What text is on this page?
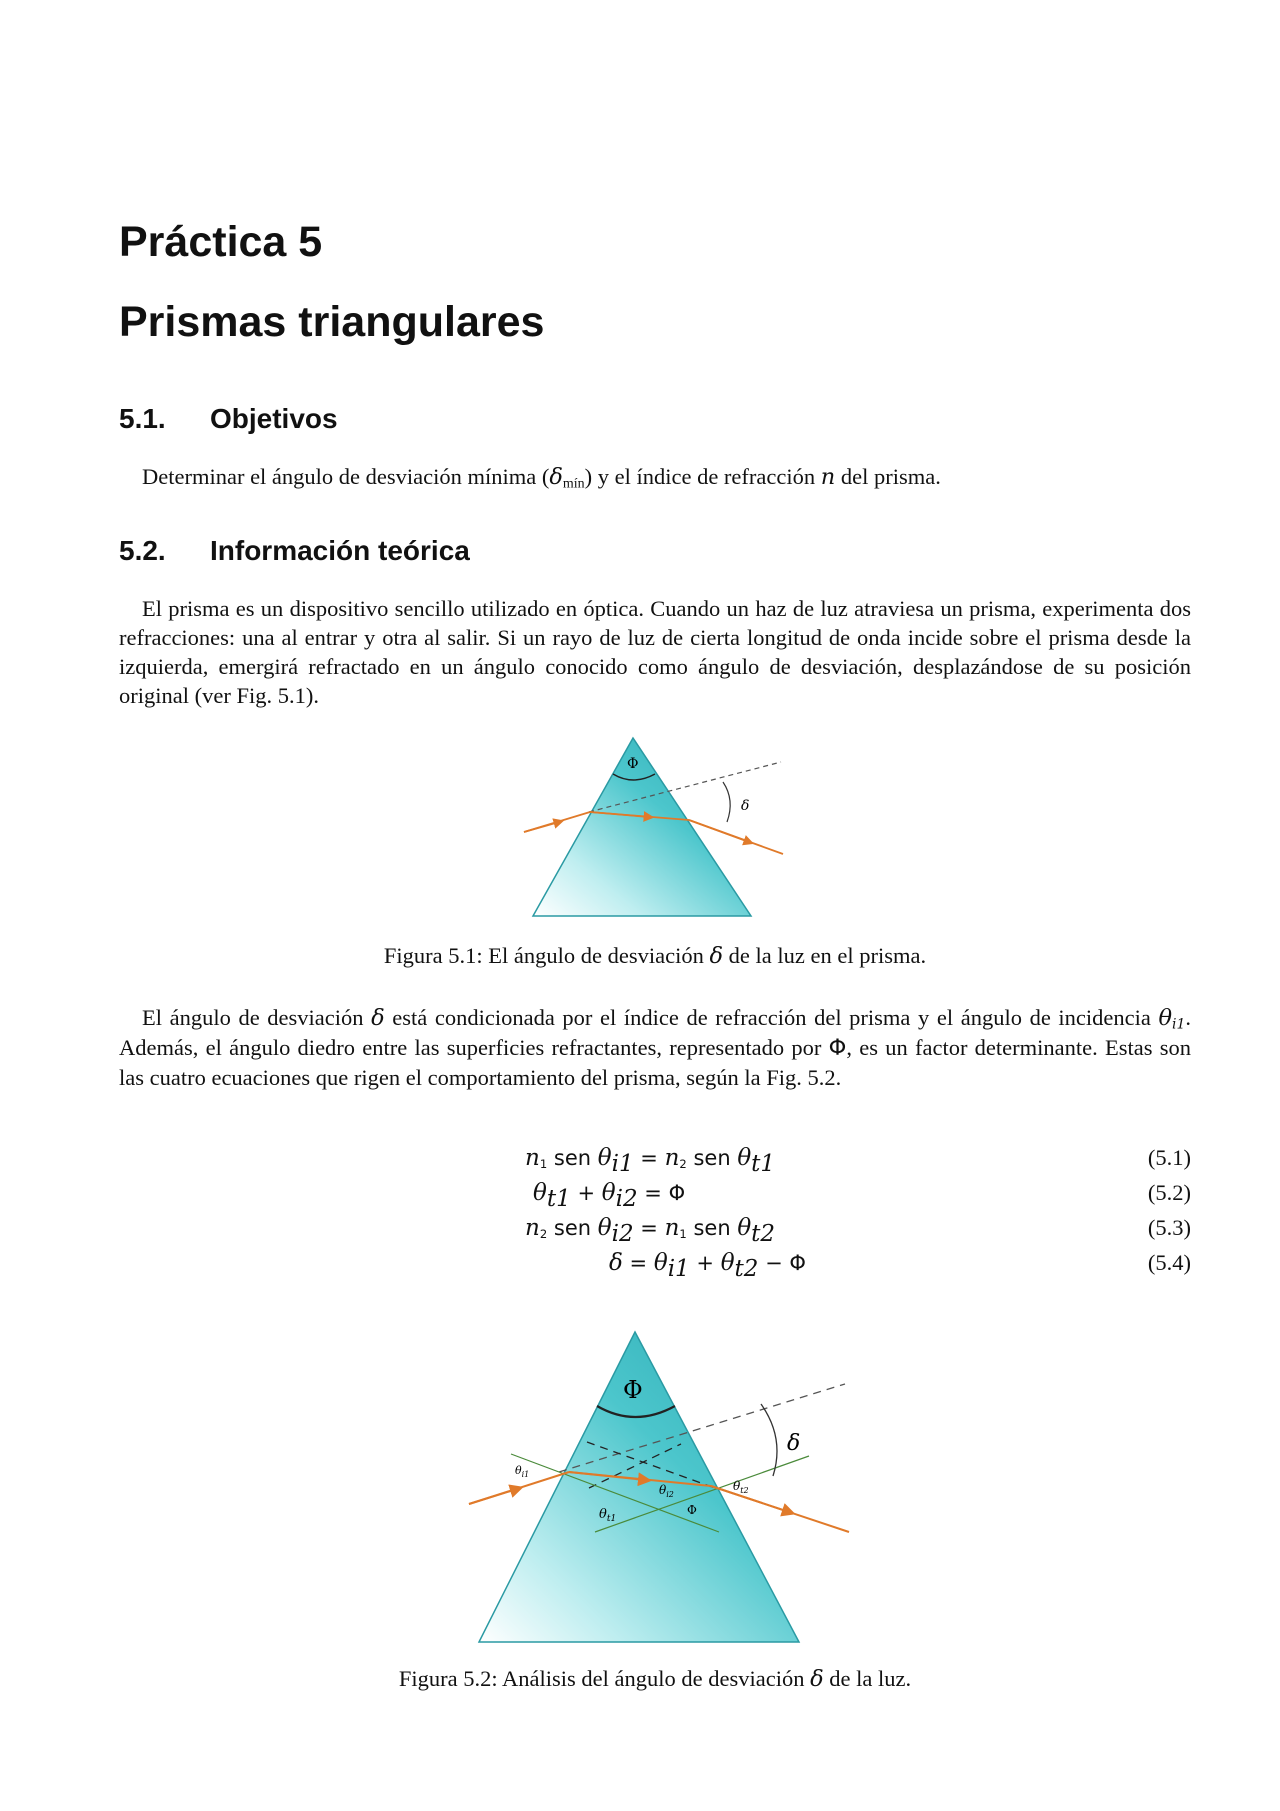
Práctica 5
Prismas triangulares
5.1. Objetivos

Determinar el ángulo de desviación mínima $(\delta_{mín})$ y el índice de refracción n del prisma.

5.2. Información teórica

El prisma es un dispositivo sencillo utilizado en óptica. Cuando un haz de luz atraviesa un prisma, experimenta dos refracciones: una al entrar y otra al salir. Si un rayo de luz de cierta longitud de onda incide sobre el prisma desde la izquierda, emergirá refractado en un ángulo conocido como ángulo de desviación, desplazándose de su posición original (ver Fig. 5.1).

Φ
δ
Figura 5.1: El ángulo de desviación δ de la luz en el prisma.

El ángulo de desviación δ está condicionada por el índice de refracción del prisma y el ángulo de incidencia $\theta_{i1}$. Además, el ángulo diedro entre las superficies refractantes, representado por Φ, es un factor determinante. Estas son las cuatro ecuaciones que rigen el comportamiento del prisma, según la Fig. 5.2.

$n_1$ sen $\theta_{i1} = n_2$ sen $\theta_{t1}$	(5.1)
$\theta_{t1} + \theta_{i2} = \Phi$	(5.2)
$n_2$ sen $\theta_{i2} = n_1$ sen $\theta_{t2}$	(5.3)
$\delta = \theta_{i1} + \theta_{t2} - \Phi$	(5.4)
Φ
δ
$\theta_{i1}$
$\theta_{t1}$
$\theta_{i2}$
$\theta_{t2}$
Φ
Figura 5.2: Análisis del ángulo de desviación δ de la luz.
